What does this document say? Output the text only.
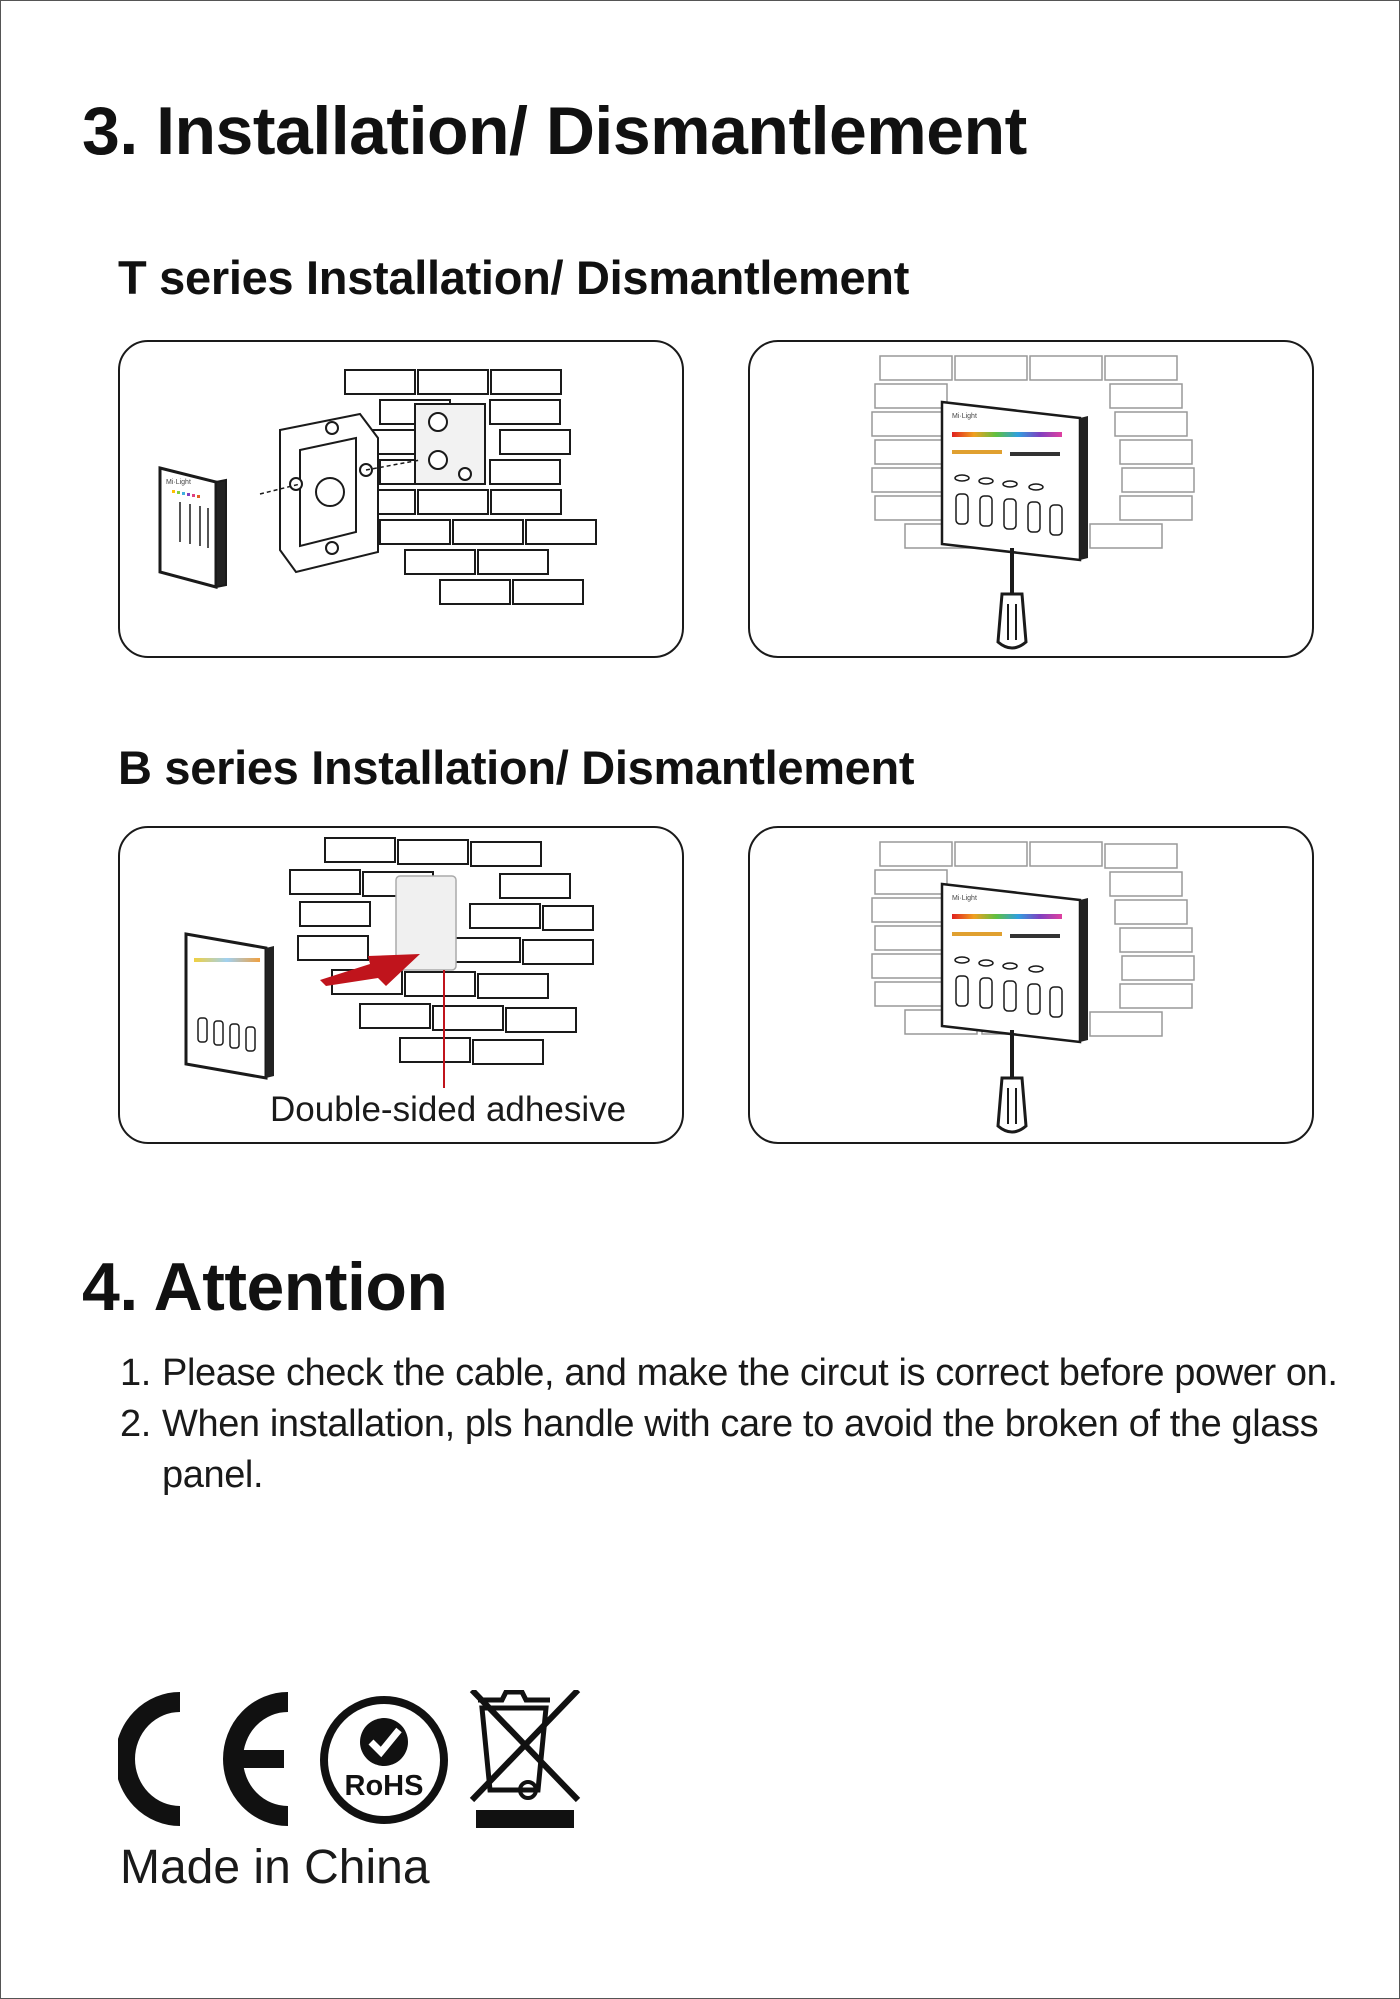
3. Installation/ Dismantlement
T series Installation/ Dismantlement
Mi·Light
Mi·Light
B series Installation/ Dismantlement
Double-sided adhesive
Mi·Light
4. Attention
1. Please check the cable, and make the circut is correct before power on.
2. When installation, pls handle with care to avoid the broken of the glass panel.
RoHS
Made in China
